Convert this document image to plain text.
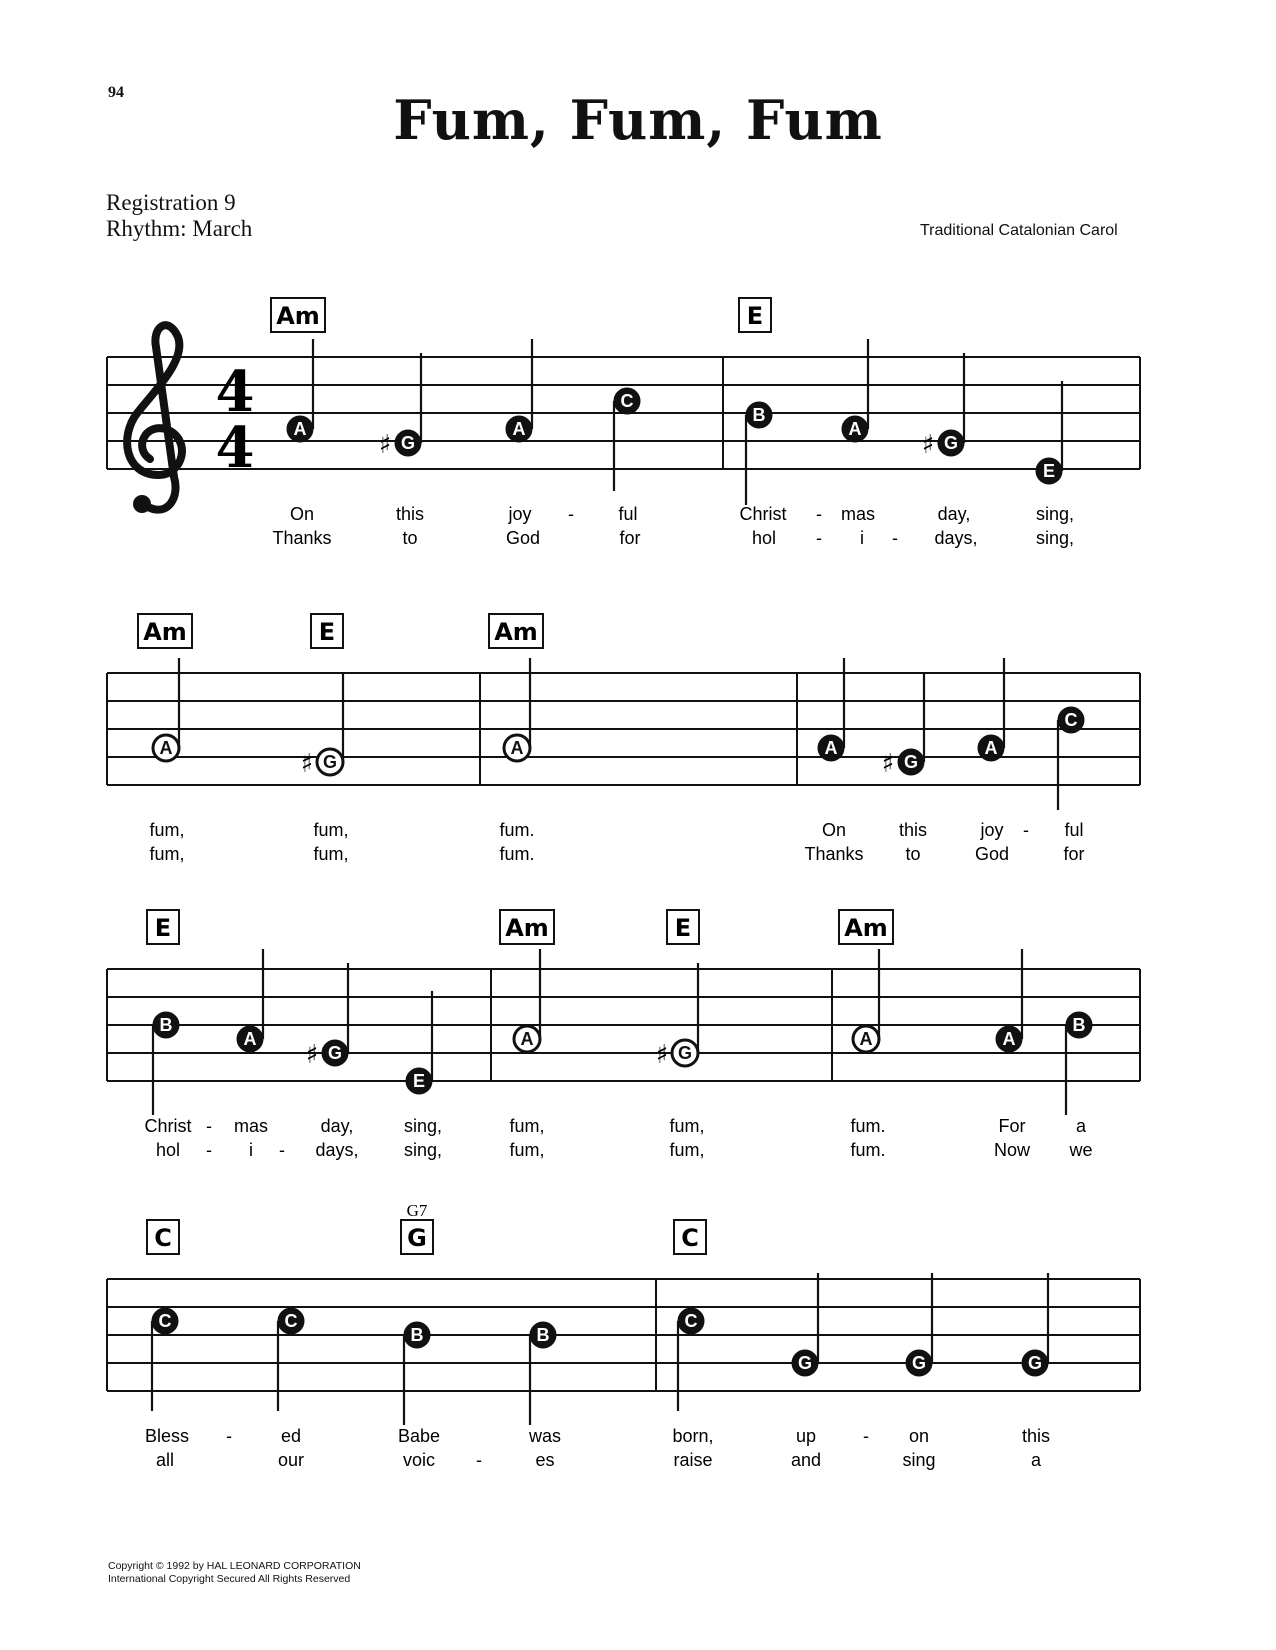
94	Fum, Fum, Fum
Registration 9
Rhythm: March	Traditional Catalonian Carol
4
4
Am	E
A
G
♯
A
C
B
A
G
♯
E
On	this	joy - ful	Christ - mas	day,	sing,
Thanks	to	God	for	hol - i - days,	sing,
Am	E	Am
A
G
♯
A	A
G
♯
A
C
fum,	fum,	fum.	On	this	joy - ful
fum,	fum,	fum.	Thanks to	God	for
E	Am	E	Am
B
A
G
♯
E
A
G
♯
A	A
B
Christ - mas	day,	sing,	fum,	fum,	fum.	For	a
hol - i - days,	sing,	fum,	fum,	fum.	Now we
C	G
G7
C
C	C
B	B
C
G	G	G
Bless -	ed	Babe	was	born,	up	- on	this
all	our	voic -	es	raise	and	sing	a
Copyright © 1992 by HAL LEONARD CORPORATION
International Copyright Secured All Rights Reserved
